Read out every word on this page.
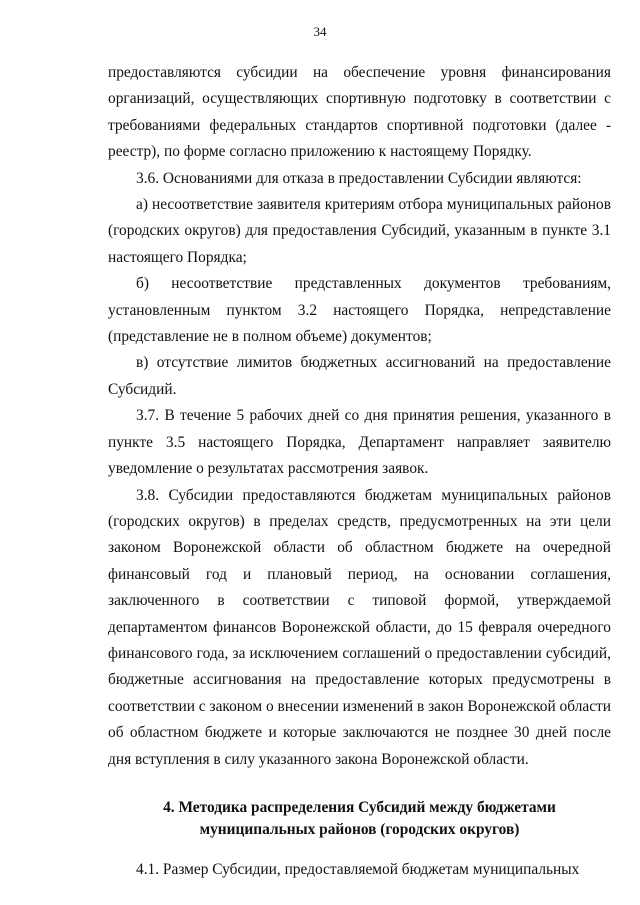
34

предоставляются субсидии на обеспечение уровня финансирования организаций, осуществляющих спортивную подготовку в соответствии с требованиями федеральных стандартов спортивной подготовки (далее - реестр), по форме согласно приложению к настоящему Порядку.

3.6. Основаниями для отказа в предоставлении Субсидии являются:

а) несоответствие заявителя критериям отбора муниципальных районов (городских округов) для предоставления Субсидий, указанным в пункте 3.1 настоящего Порядка;

б) несоответствие представленных документов требованиям, установленным пунктом 3.2 настоящего Порядка, непредставление (представление не в полном объеме) документов;

в) отсутствие лимитов бюджетных ассигнований на предоставление Субсидий.

3.7. В течение 5 рабочих дней со дня принятия решения, указанного в пункте 3.5 настоящего Порядка, Департамент направляет заявителю уведомление о результатах рассмотрения заявок.

3.8. Субсидии предоставляются бюджетам муниципальных районов (городских округов) в пределах средств, предусмотренных на эти цели законом Воронежской области об областном бюджете на очередной финансовый год и плановый период, на основании соглашения, заключенного в соответствии с типовой формой, утверждаемой департаментом финансов Воронежской области, до 15 февраля очередного финансового года, за исключением соглашений о предоставлении субсидий, бюджетные ассигнования на предоставление которых предусмотрены в соответствии с законом о внесении изменений в закон Воронежской области об областном бюджете и которые заключаются не позднее 30 дней после дня вступления в силу указанного закона Воронежской области.

4. Методика распределения Субсидий между бюджетами
муниципальных районов (городских округов)

4.1. Размер Субсидии, предоставляемой бюджетам муниципальных
